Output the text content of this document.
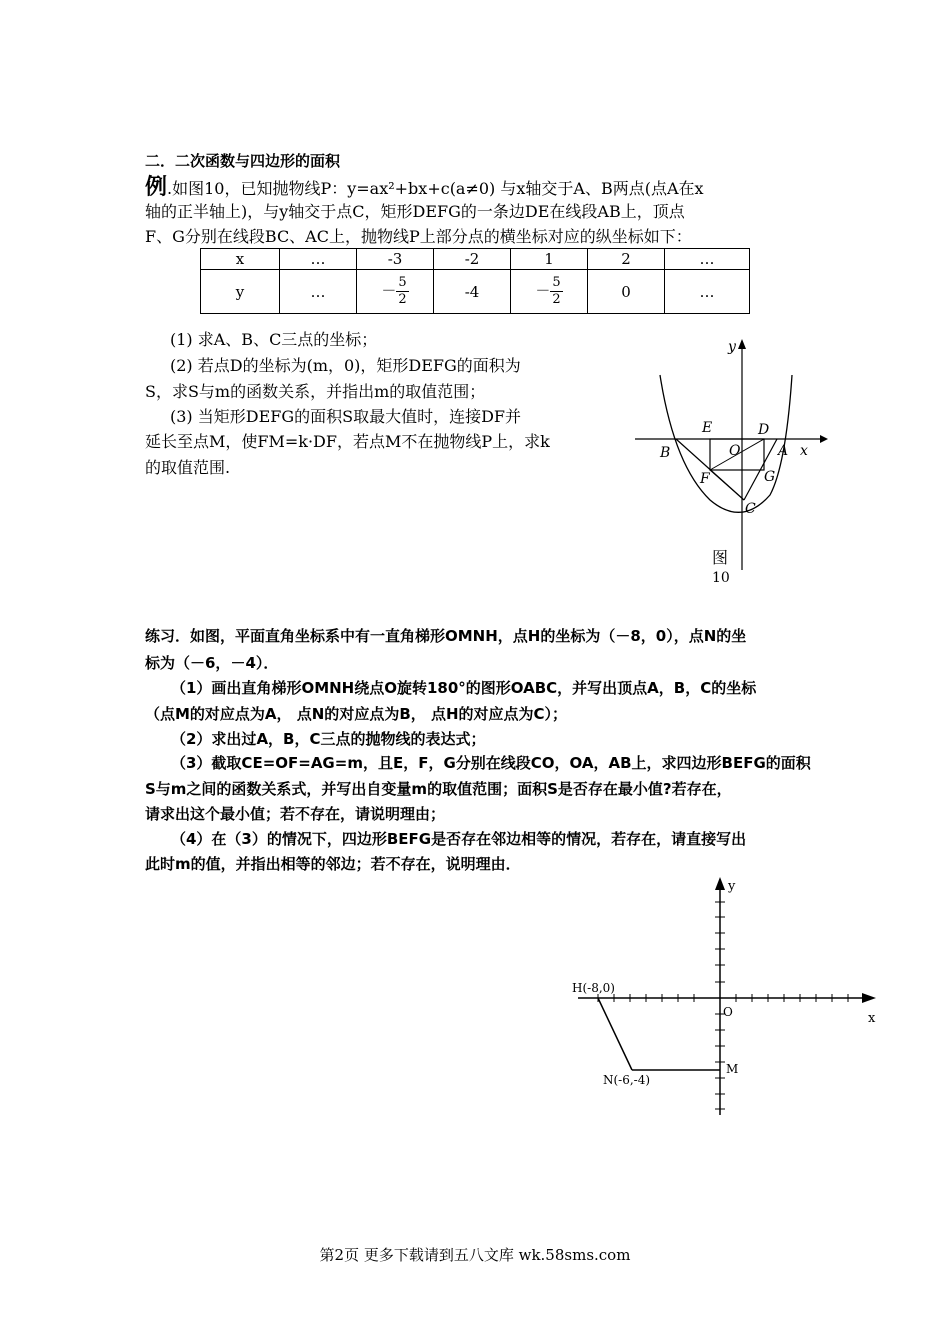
二．二次函数与四边形的面积
例.如图10，已知抛物线P：y=ax²+bx+c(a≠0) 与x轴交于A、B两点(点A在x
轴的正半轴上)，与y轴交于点C，矩形DEFG的一条边DE在线段AB上，顶点
F、G分别在线段BC、AC上，抛物线P上部分点的横坐标对应的纵坐标如下：
x	…	-3	-2	1	2	…
y	…	－ $\frac{5}{2}$	-4	－ $\frac{5}{2}$	0	…
(1) 求A、B、C三点的坐标；
(2) 若点D的坐标为(m，0)，矩形DEFG的面积为
S，求S与m的函数关系，并指出m的取值范围；
(3) 当矩形DEFG的面积S取最大值时，连接DF并
延长至点M，使FM=k·DF，若点M不在抛物线P上，求k
的取值范围.
y
x
E	D
O	A
B
F	G
C
图
10
练习．如图，平面直角坐标系中有一直角梯形OMNH，点H的坐标为（－8，0），点N的坐
标为（－6，－4）．
（1）画出直角梯形OMNH绕点O旋转180°的图形OABC，并写出顶点A，B，C的坐标
（点M的对应点为A， 点N的对应点为B， 点H的对应点为C）；
（2）求出过A，B，C三点的抛物线的表达式；
（3）截取CE=OF=AG=m，且E，F，G分别在线段CO，OA，AB上，求四边形BEFG的面积
S与m之间的函数关系式，并写出自变量m的取值范围；面积S是否存在最小值?若存在，
请求出这个最小值；若不存在，请说明理由；
（4）在（3）的情况下，四边形BEFG是否存在邻边相等的情况，若存在，请直接写出
此时m的值，并指出相等的邻边；若不存在，说明理由．
y
x
O
M
H(-8,0)
N(-6,-4)
第2页 更多下载请到五八文库 wk.58sms.com
